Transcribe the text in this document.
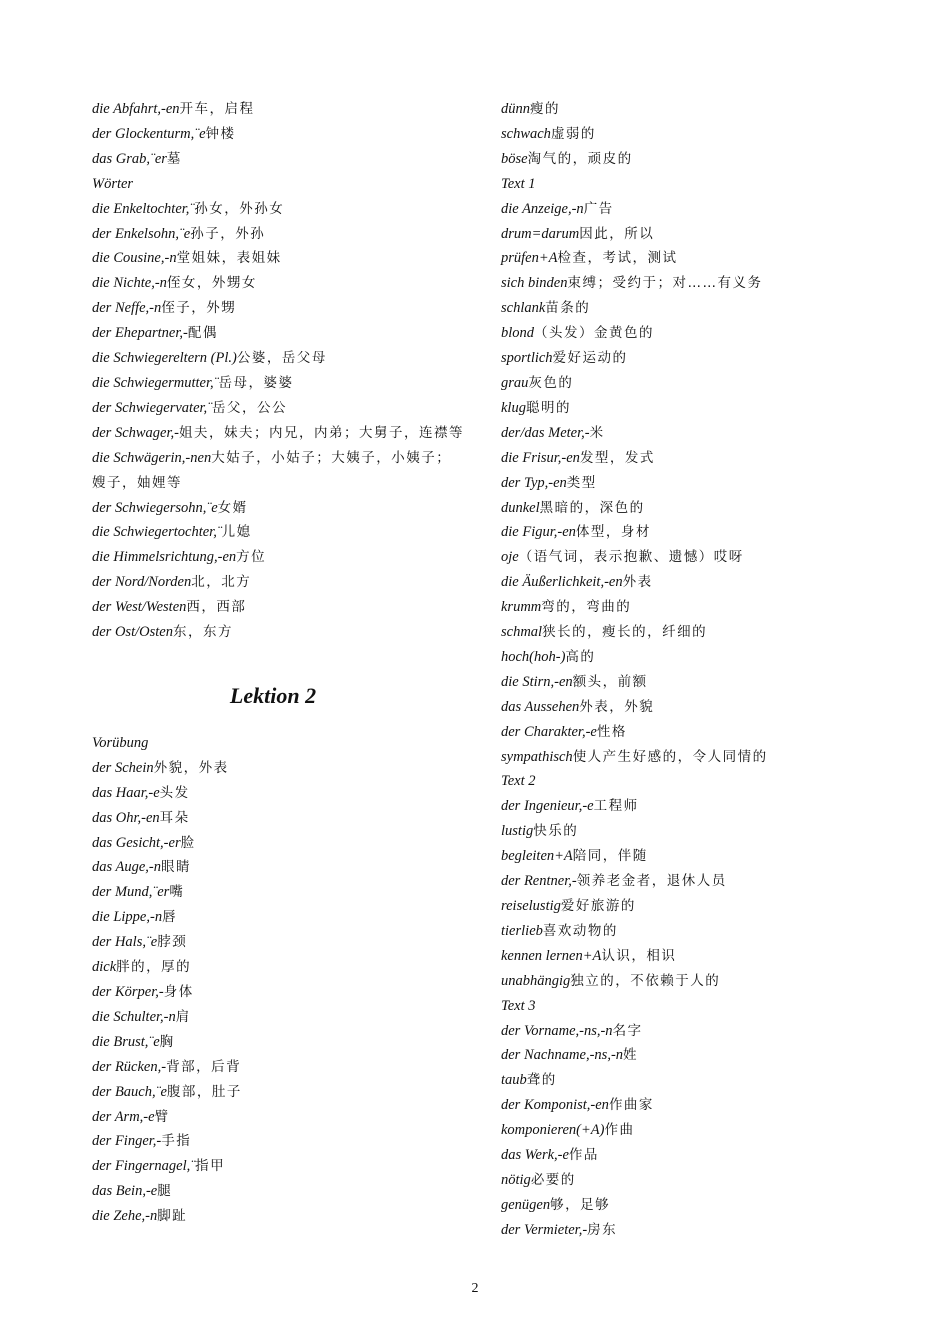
die Abfahrt,-en开车，启程
der Glockenturm,¨e钟楼
das Grab,¨er墓
Wörter
die Enkeltochter,¨孙女，外孙女
der Enkelsohn,¨e孙子，外孙
die Cousine,-n堂姐妹，表姐妹
die Nichte,-n侄女，外甥女
der Neffe,-n侄子，外甥
der Ehepartner,-配偶
die Schwiegereltern (Pl.)公婆，岳父母
die Schwiegermutter,¨岳母，婆婆
der Schwiegervater,¨岳父，公公
der Schwager,-姐夫，妹夫；内兄，内弟；大舅子，连襟等
die Schwägerin,-nen大姑子，小姑子；大姨子，小姨子；嫂子，妯娌等
der Schwiegersohn,¨e女婿
die Schwiegertochter,¨儿媳
die Himmelsrichtung,-en方位
der Nord/Norden北，北方
der West/Westen西，西部
der Ost/Osten东，东方
Lektion 2
Vorübung
der Schein外貌，外表
das Haar,-e头发
das Ohr,-en耳朵
das Gesicht,-er脸
das Auge,-n眼睛
der Mund,¨er嘴
die Lippe,-n唇
der Hals,¨e脖颈
dick胖的，厚的
der Körper,-身体
die Schulter,-n肩
die Brust,¨e胸
der Rücken,-背部，后背
der Bauch,¨e腹部，肚子
der Arm,-e臂
der Finger,-手指
der Fingernagel,¨指甲
das Bein,-e腿
die Zehe,-n脚趾
dünn瘦的
schwach虚弱的
böse淘气的，顽皮的
Text 1
die Anzeige,-n广告
drum=darum因此，所以
prüfen+A检查，考试，测试
sich binden束缚；受约于；对……有义务
schlank苗条的
blond（头发）金黄色的
sportlich爱好运动的
grau灰色的
klug聪明的
der/das Meter,-米
die Frisur,-en发型，发式
der Typ,-en类型
dunkel黑暗的，深色的
die Figur,-en体型，身材
oje（语气词，表示抱歉、遗憾）哎呀
die Äußerlichkeit,-en外表
krumm弯的，弯曲的
schmal狭长的，瘦长的，纤细的
hoch(hoh-)高的
die Stirn,-en额头，前额
das Aussehen外表，外貌
der Charakter,-e性格
sympathisch使人产生好感的，令人同情的
Text 2
der Ingenieur,-e工程师
lustig快乐的
begleiten+A陪同，伴随
der Rentner,-领养老金者，退休人员
reiselustig爱好旅游的
tierlieb喜欢动物的
kennen lernen+A认识，相识
unabhängig独立的，不依赖于人的
Text 3
der Vorname,-ns,-n名字
der Nachname,-ns,-n姓
taub聋的
der Komponist,-en作曲家
komponieren(+A)作曲
das Werk,-e作品
nötig必要的
genügen够，足够
der Vermieter,-房东
2
